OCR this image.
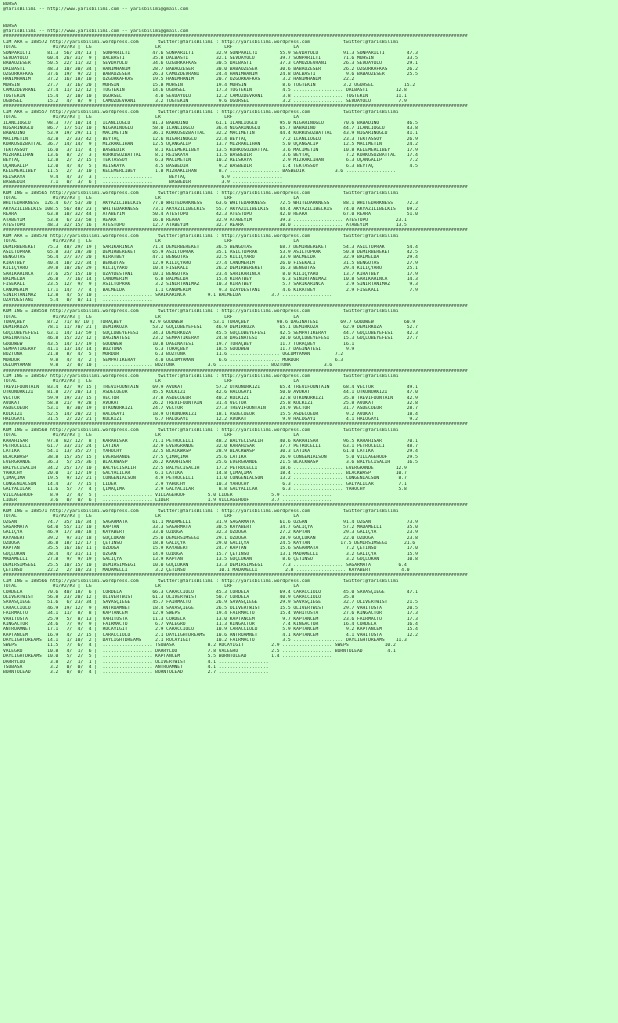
BURSA
@YarisBilimi -- http://www.yarisbilimi.com -- yarisbilimi@gmail.com
BURSA
@YarisBilimi -- http://www.yarisbilimi.com -- yarisbilimi@gmail.com
########################################################################################################################################################################
CIM ARA = 188572 http://yarisbilimi.wordpress.com       twitter:@YarisBilimi : http://yarisbilimi.wordpress.com            twitter:@YarisBilimi
TOTAL             #1/#2/#3 |  LG                       LR                       LRF                      LA
SONPARILTI      81.3  56/ 24/ 13 |  SONPARILTI        47.6 SONPARILTI        32.9 SONPARILTI        55.9 SEVDAYOLU         91.3 SONPARILTI        47.3
SEVDAYOLU       60.4  26/ 31/  9 |  DALBASTI          35.8 DALBASTI          32.1 SEVDAYOLU         39.7 SONPARILTI        71.6 MUHSIN            33.5
BABAÖZESER      50.5  22/ 11/ 32 |  SEVDAYOLU         34.6 ÖZGÜRKAFKAS       30.5 DALBASTI          37.3 CAMUZDEVRANI      26.3 SEVDAYOLU         29.1
DALBASTI        48.3  10/ 30/ 34 |  HANIMHANIM        28.7 BABAÖZESER        30.0 BABAÖZESER        30.6 BABAÖZESER        26.2 ÖZGÜRKAFKAS       26.2
ÖZGÜRKAFKAS     37.6  19/  9/ 22 |  BABAÖZESER        26.3 CAMUZDEVRANI      24.4 HANIMHANIM        24.8 DALBASTI           9.6 BABAÖZESER        25.5
HANIMHANIM      37.2  16/ 18/ 10 |  ÖZGÜRKAFKAS       19.5 HANIMHANIM        20.7 ÖZGÜRKAFKAS        3.2 HANIMHANIM        22.2
MUHSIN          27.7   3/ 16/ 20 |  MUHSIN            15.8 MUHSIN            19.4 MUHSIN             8.6 TUGTEKIN          3.2 UGURSEL           15.2
CAMUZDEVRANI    27.4  11/ 12/ 12 |  TUGTEKIN          14.6 UGURSEL           17.3 TUGTEKIN           4.5 .................. DALBASTI          12.8
TUGTEKIN        15.4   2/ 10/ 10 |  UGURSEL            4.0 SEVDAYOLU         12.2 CAMUZDEVRANI       3.8 .................. TUGTEKIN          11.1
UGURSEL         15.2   4/  8/  9 |  CAMUZDEVRANI       3.2 TUGTEKIN           9.6 UGURSEL            3.2 .................. SEVDAYOLU          7.9
########################################################################################################################################################################
CIM ARA = 188557 http://yarisbilimi.wordpress.com       twitter:@YarisBilimi : http://yarisbilimi.wordpress.com            twitter:@YarisBilimi
TOTAL             #1/#2/#3 |  LG                       LR                       LRF                      LA
ILANLIOGLU      98.3  77/ 10/ 14 |  ILANLIOGLU        81.3 BABADINO          61.1 ILANLIOGLU        95.0 NIGARINOGLU       70.6 BABADINO          46.5
NIGARINOGLU     86.7  17/ 51/ 10 |  NIGARINOGLU       58.0 ILANLIOGLU        36.4 NIGARINOGLU       65.7 BABADINO          44.7 ILANLIOGLU        43.8
BABADINO        53.9  19/ 29/ 11 |  MACIMETIN         36.1 KORKUSUZBATTAL    32.2 MACIMETIN         44.4 KORKUSUZBATTAL    43.9 NIGARINOGLU       41.1
MACIMETIN       42.8   2/ 33/ 42 |  BEYTAÇ            12.6 NIGARINOGLU       22.4 BEYTAÇ             7.2 ILANLIOGLU        23.3 TEKTASSOY         26.9
KORKUSUZBATTAL  36.7  14/ 14/  9 |  MIZRAKLIHAN       12.5 UÇANGALIP         13.7 MIZRAKLIHAN        5.0 UÇANGALIP         12.5 MACIMETIN         24.2
TEKTASSOY       16.0   3/ 11/  4 |  BASBEDIR           8.1 KELEMERLIBEY      13.5 KORKUSUZBATTAL     3.6 MACIMETIN         10.8 KELEMERLIBEY      17.9
MIZRAKLIHAN     13.6   8/  2/  3 |  KORKUSUZBATTAL     8.1 REISKAYA          11.5 BASBEDIR           3.6 BEYTAÇ             7.2 KORKUSUZBATTAL    17.4
BEYTAÇ          12.8   2/  2/ 15 |  TEKTASSOY          6.3 MACIMETIN         10.2 REISKAYA           2.9 MIZRAKLIHAN        6.3 UÇANGALIP          7.2
UÇANGALIP       12.0   4/  4/  5 |  REISKAYA           4.5 BASBEDIR           9.2 BASBEDIR           1.4 TEKTASSOY          6.3 BEYTAÇ             4.5
KELEMERLIBEY    11.5   2/  3/ 10 |  KELEMERLIBEY       1.8 MIZRAKLIHAN        8.7 .................. BASBEDIR           3.6 ..................
REISKAYA         9.4   4/  3/  3 |  ..................      BEYTAÇ             6.9 ..................
BASBEDIR         7.1   0/  3/  6 |  ..................      BASBEDIR           3.9 ..................
########################################################################################################################################################################
KUM ING = 188565 http://yarisbilimi.wordpress.com       twitter:@YarisBilimi : http://yarisbilimi.wordpress.com            twitter:@YarisBilimi
TOTAL             #1/#2/#3 |  LG                       LR                       LRF                      LA
WHITEDARKNESS  126.4  67/ 53/ 30 |  AKYAZILIBELKIS    77.0 WHITEDARKNESS     63.6 WHITEDARKNESS     72.5 WHITEDARKNESS     88.1 WHITEDARKNESS     72.3
AKYAZILIBELKIS 108.5  56/ 48/ 23 |  WHITEDARKNESS     73.1 AKYAZILIBELKIS    55.7 AKYAZILIBELKIS    44.4 AKYAZILIBELKIS    74.0 AKYAZILIBELKIS    69.2
REARA           63.8  10/ 32/ 44 |  ATABEYIM          50.4 ATESTOPU          42.3 ATESTOPU          42.0 REARA             67.0 REARA             51.0
ATABEYIM        53.8   6/ 23/ 58 |  REARA             16.0 REARA             32.9 ATABEYIM          39.3 .................. ATESTOPU          23.1
ATESTOPU        48.3  32/ 15/ 16 |  ATESTOPU          12.7 ATABEYIM          32.7 REARA             30.0 .................. ATABEYIM          13.5
########################################################################################################################################################################
KUM ARA = 188570 http://yarisbilimi.wordpress.com       twitter:@YarisBilimi : http://yarisbilimi.wordpress.com            twitter:@YarisBilimi
TOTAL             #1/#2/#3 |  LG                       LR                       LRF                      LA
DEMIRBEREKET    75.3  48/ 29/ 19 |  SARIKARINCA       71.4 DEMIRBEREKET      36.5 BENGÜTAS          68.7 DEMIRBEREKET      54.3 ASILTOPRAK        54.4
ASILTOPRAK      65.8  33/ 28/ 30 |  DEMIRBEREKET      65.9 ASILTOPRAK        35.1 ASILTOPRAK        53.9 ASILTOPRAK        50.8 DEMIRBEREKET      42.5
BENGÜTAS        56.4  27/ 37/ 20 |  KIRATBEY          47.1 BENGÜTAS          32.5 KILIÇYARO         33.9 BALMELDA          32.9 BALMELDA          29.4
KIRATBEY        40.4  10/ 22/ 34 |  BENGÜTAS          12.9 KILIÇYARO         27.4 CANOMERIM         26.0 FISEKALI          31.5 BENGÜTAS          27.9
KILIÇYARO       39.8  10/ 26/ 29 |  KILIÇYARO         10.4 FISEKALI          26.2 DEMIRBEREKET      16.3 BENGÜTAS          29.4 KILIÇYARO         25.1
SARIKARINCA     37.6  25/ 15/ 10 |  UZAYDESTANI       10.1 BENGÜTAS          23.4 SARIKARINCA        8.0 KILIÇYARO         13.7 KIRATBEY          17.9
BALMELDA        26.8   7/ 16/ 14 |  CANOMERIM          6.8 BALMELDA          15.4 KIRATBEY           6.3 SINIRTANIMAZ      10.8 SARIKARINCA       14.3
FISEKALI        23.5  12/  9/  9 |  ASILTOPRAK         3.2 SINIRTANIMAZ      10.3 KIRATBEY           5.7 SARIKARINCA        2.9 SINIRTANIMAZ       9.3
CANOMERIM       17.1  14/  7/  4 |  BALMELDA           1.1 CANOMERIM          9.3 UZAYDESTANI        4.6 KIRATBEY           2.9 FISEKALI           7.9
SINIRTANIMAZ    12.8   4/  5/ 10 |  .................. SARIKARINCA        9.1 BALMELDA           3.7 ..................
UZAYDESTANI      5.4   0/  0/ 11 |  ..................
########################################################################################################################################################################
KUM ING = 188558 http://yarisbilimi.wordpress.com       twitter:@YarisBilimi : http://yarisbilimi.wordpress.com            twitter:@YarisBilimi
TOTAL             #1/#2/#3 |  LG                       LR                       LRF                      LA
TURAÇBEY        87.2  71/ 8/ 10 |  TURAÇBEY          92.9 GOODWEW           53.1 TURAÇBEY          98.6 DAGINATESI        69.7 GOODWEW           60.9
DEMIRKOZA       78.1  11/ 70/ 21 |  DEMIRKOZA         53.2 GÜÇLÜBEYEFESI     46.9 DEMIRKOZA         65.1 DEMIRKOZA         62.9 DEMIRKOZA         52.7
GÜÇLÜBEYEFESI   63.1  14/ 13/ 59 |  GÜÇLÜBEYEFESI     34.3 DEMIRKOZA         45.5 GÜÇLÜBEYEFESI     42.5 SEMPATIKERAY      44.7 GÜÇLÜBEYEFESI     42.3
DAGINATESI      46.8  15/ 22/ 12 |  DAGINATESI        23.2 SEMPATIKERAY      24.8 DAGINATESI        20.0 GÜÇLÜBEYEFESI     15.3 GÜÇLÜBEYEFESI     27.7
GOODWEW         43.5  14/ 17/ 19 |  GOODWEW           10.8 DAGINATESI        19.7 TURAÇBEY          11.7 TURAÇBEY          16.1
SEMPATIKERAY    41.1  13/ 14/ 14 |  BOZTUNA            6.3 TURAÇBEY          18.5 GOODWEW           11.7 DAGINATESI         9.9
BOZTUNA         21.8   8/  4/  5 |  MORDOR             6.3 BOZTUNA           11.6 .................. OGLUMYAMAN         7.2
MORDOR           9.8   4/  4/  2 |  SEMPATIKERAY       4.0 OGLUMYAMAN         6.6 .................. MORDOR             6.3
OGLUMYAMAN       9.8   2/  0/ 10 |  .................. BOZTUNA            3.6 .................. BOZTUNA            3.6
########################################################################################################################################################################
CIM ING = 188567 http://yarisbilimi.wordpress.com       twitter:@YarisBilimi : http://yarisbilimi.wordpress.com            twitter:@YarisBilimi
TOTAL             #1/#2/#3 |  LG                       LR                       LRF                      LA
TREVIFOUNTAIN   83.4  42/  9/ 15 |  TREVIFOUNTAIN     69.9 AVUKAT            57.2 UTKUNURKIZI       65.4 TREVIFOUNTAIN     68.4 VECTOR            49.1
UTKUNURKIZI     81.8  27/ 20/ 13 |  ASDECOEUR         45.5 KULKIZI           42.6 HALOGAYI          50.0 AVUKAT            44.1 UTKUNURKIZI       47.0
VECTOR          59.9  19/ 23/ 15 |  VECTOR            37.8 ASDECOEUR         40.2 KULKIZI           32.8 UTKUNURKIZI       35.8 TREVIFOUNTAIN     42.9
AVUKAT          58.8  21/  9/ 28 |  AVUKAT            26.2 TREVIFOUNTAIN     31.4 VECTOR            25.8 KULKIZI           25.8 AVUKAT            32.8
ASDECOEUR       53.1   8/ 30/ 19 |  UTKUNURKIZI       24.7 VECTOR            27.3 TREVIFOUNTAIN     24.9 VECTOR            31.7 ASDECOEUR         28.7
KULKIZI         52.5  14/ 20/ 22 |  HALOGAYI          18.9 UTKUNURKIZI       18.1 ASDECOEUR         15.5 ASDECOEUR          9.2 AVUKAT            18.4
HALOGAYI        31.5   2/ 22/ 21 |  KULKIZI            6.7 HALOGAYI          12.2 AVUKAT             9.9 HALOGAYI           4.1 HALOGAYI           9.2
########################################################################################################################################################################
KUM ING = 188568 http://yarisbilimi.wordpress.com       twitter:@YarisBilimi : http://yarisbilimi.wordpress.com            twitter:@YarisBilimi
TOTAL             #1/#2/#3 |  LG                       LR                       LRF                      LA
KARAHISAR       97.8  82/ 12/  8 |  KARAHISAR         71.1 PETROCELLI        48.2 BALYECISALIH      40.6 KARAHISAR         96.5 KARAHISAR         70.1
PETROCELLI      61.7  33/ 21/ 24 |  LATIKA            32.9 EVERGRANDE        32.0 KARAHISAR         37.7 PETROCELLI        63.1 PETROCELLI        48.7
LATIKA          54.1  13/ 35/ 27 |  YAHOCHY           32.5 BLACKWASP         28.9 BLACKWASP         30.3 LATIKA            61.0 LATIKA            29.4
BLACKWASP       38.8  15/ 35/ 15 |  EVERGRANDE        27.5 ÇIMAÇIMA          25.6 LATIKA            26.9 CONGENIALSON       5.0 VILLAGEHOOF       29.5
EVERGRANDE      36.3   5/ 25/ 36 |  BLACKWASP         26.2 KARAHISAR         25.6 EVERGRANDE        21.5 BLACKWASP          3.6 BALYECISALIH      16.5
BALYECISALIH    34.2  25/ 17/ 10 |  BALYECISALIH      22.5 BALYECISALIH      17.2 PETROCELLI        18.6 .................. EVERGRANDE        12.9
YAHOCHY         20.0   1/ 12/ 19 |  GALYALILAR         6.1 LATIKA            14.8 ÇIMAÇIMA          18.4 .................. BLACKWASP         10.7
ÇIMAÇIMA        19.5   9/ 12/ 21 |  CONGENIALSON       4.9 PETROCELLI        11.0 CONGENIALSON      13.2 .................. CONGENIALSON       8.7
CONGENIALSON    14.4   3/  7/ 15 |  LIDER              2.9 YAHOCHY           10.3 YAHOCHY            6.3 .................. GALYALILAR         7.1
GALYALILAR      11.6   5/  7/  4 |  ÇIMAÇIMA           2.9 GALYALILAR         8.8 GALYALILAR         6.3 .................. YAHOCHY            5.8
VILLAGEHOOF      8.9   2/  4/  5 |  .................. VILLAGEHOOF        5.0 LIDER              5.9 ..................
LIDER            3.6   0/  0/  6 |  .................. LIDER              1.9 VILLAGEHOOF        3.7 ..................
########################################################################################################################################################################
KUM ING = 188571 http://yarisbilimi.wordpress.com       twitter:@YarisBilimi : http://yarisbilimi.wordpress.com            twitter:@YarisBilimi
TOTAL             #1/#2/#3 |  LG                       LR                       LRF                      LA
OZGAN           74.7  35/ 16/ 34 |  SAGARMATA         61.1 MADAMELLI         31.9 SAGARMATA         61.6 OZGAN             91.4 OZGAN             73.9
SAGARMATA       64.0  55/ 11/ 10 |  KAPTAN            33.3 SAGARMATA         30.5 KAYABERT          34.7 GALIÇYA           57.2 MADAMELLI         35.0
GALIÇYA         46.9  17/ 30/ 18 |  KAYABERT          33.0 ÖZDOGA            32.3 ÖZDOGA            27.2 KAPTAN            29.3 GALIÇYA           23.9
KAYABERT        39.2   9/ 31/ 18 |  GÜÇLÜKAN          25.0 DEMIRSIMSEGI      29.1 ÖZDOGA            28.9 GÜÇLÜKAN          22.0 ÖZDOGA            23.8
ÖZDOGA          36.8  18/ 12/ 17 |  ÇETINSU           18.8 GALIÇYA           29.0 GALIÇYA           24.5 KAYTAN           17.5 DEMIRSIMSEGI      21.6
KAPTAN          35.5  16/ 16/ 11 |  ÖZDOGA            15.9 KAYABERT          24.7 KAPTAN            15.6 SAGARMATA          7.2 ÇETINSU           17.0
GÜÇLÜKAN        28.4   4/ 31/ 11 |  OZGAN             14.9 ÖZDOGA            15.7 ÇETINSU           13.1 MADAMELLI          3.2 GALIÇYA           15.9
MADAMELLI       27.8   9/  9/ 19 |  GALIÇYA           13.9 KAPTAN            13.5 GÜÇLÜKAN           8.6 ÇETINSU            3.2 GÜÇLÜKAN          10.8
DEMIRSIMSEGI    25.5  10/ 15/ 10 |  DEMIRSIMSEGI      10.0 GÜÇLÜKAN          13.3 DEMIRSIMSEGI       7.3 .................. SAGARMATA          6.4
ÇETINSU         22.2   2/ 10/ 23 |  MADAMELLI          3.2 ÇETINSU            10.1 MADAMELLI          2.8 .................. KAYABERT           4.0
########################################################################################################################################################################
CIM ING = 188566 http://yarisbilimi.wordpress.com       twitter:@YarisBilimi : http://yarisbilimi.wordpress.com            twitter:@YarisBilimi
TOTAL             #1/#2/#3 |  LG                       LR                       LRF                      LA
CORDELA         70.6  40/ 18/  6 |  CORDELA           66.3 CARACCIOLO        45.3 CORDELA           69.4 CARACCIOLO        45.0 SAVASÇIEGE        47.1
OLIVERTWIST     56.8  23/ 20/ 12 |  OLIVERTWIST       61.3 OLIVERTWIST       50.7 CORDELA           40.9 CARACCIOLO        35.8
SAVASÇIEGE      51.6   6/ 23/ 34 |  SAVASÇIEGE        45.7 FAIRMACTO         26.9 SAVASÇIEGE        29.9 SAVASÇIEGE        32.7 OLIVERTWIST       21.5
CARACCIOLO      46.9  19/ 12/  9 |  ANTROAMNET        18.4 SAVASÇIEGE        26.5 OLIVERTWIST       15.5 OLIVERTWIST       29.7 VAHITUSTA         20.5
FAIRMACTO       34.1  11/  8/  8 |  KAPTANCEM         12.9 SWEPS             19.4 FAIRMACTO         15.4 VAHITUSTA         27.6 KINGACTOR         17.3
VAHITUSTA       25.9   5/  8/ 13 |  VAHITUSTA         11.3 CORDELA           13.0 KAPTANCEM          9.7 KAPTANCEM         23.6 FAIRMACTO         17.3
KINGACTOR       24.6   7/  9/  9 |  FAIRMACTO          6.7 VALEGRO           11.3 KINGACTOR          7.4 KINGACTOR         16.4 CORDELA           16.4
ANTROAMNET      17.1   7/  4/  4 |  ROCAYIGIT          2.9 CARACCIOLO        10.9 CARACCIOLO         5.9 KAPTANCEM          9.2 KAPTANCEM         15.4
KAPTANCEM       16.9   4/  2/ 15 |  CARACCIOLO         2.1 DAYLIGHTDREAMS    10.6 ANTROAMNET         4.1 KAPTANCEM          4.1 VAHITUSTA         12.2
DAYLIGHTDREAMS  14.1   1/ 10/  2 |  DAYLIGHTDREAMS     2.1 ROCAYIGIT         10.2 FAIRMACTO          3.5 .................. DAYLIGHTDREAMS    11.3
SWEPS           11.5   7/  6/  4 |  .................. TSUBASA            8.2 ROCAYIGIT          2.9 .................. SWEPS             10.2
VALEGRO         10.8   4/  1/  6 |  .................. DARRYLOU           7.8 VALEGRO            2.5 .................. BORNTOLEAD         4.1
DAYLIGHTDREAMS  10.0   5/  2/  5 |  .................. KAPTANCEM          5.5 BORNTOLEAD         1.4 ..................
DARRYLOU         3.8   2/  1/  1 |  .................. OLIVERTWIST        4.1 ..................
TSUBASA          3.2   0/  0/  4 |  .................. ANTROAMNET         4.1 ..................
BORNTOLEAD       3.2   0/  0/  4 |  .................. BORNTOLEAD         2.7 ..................
